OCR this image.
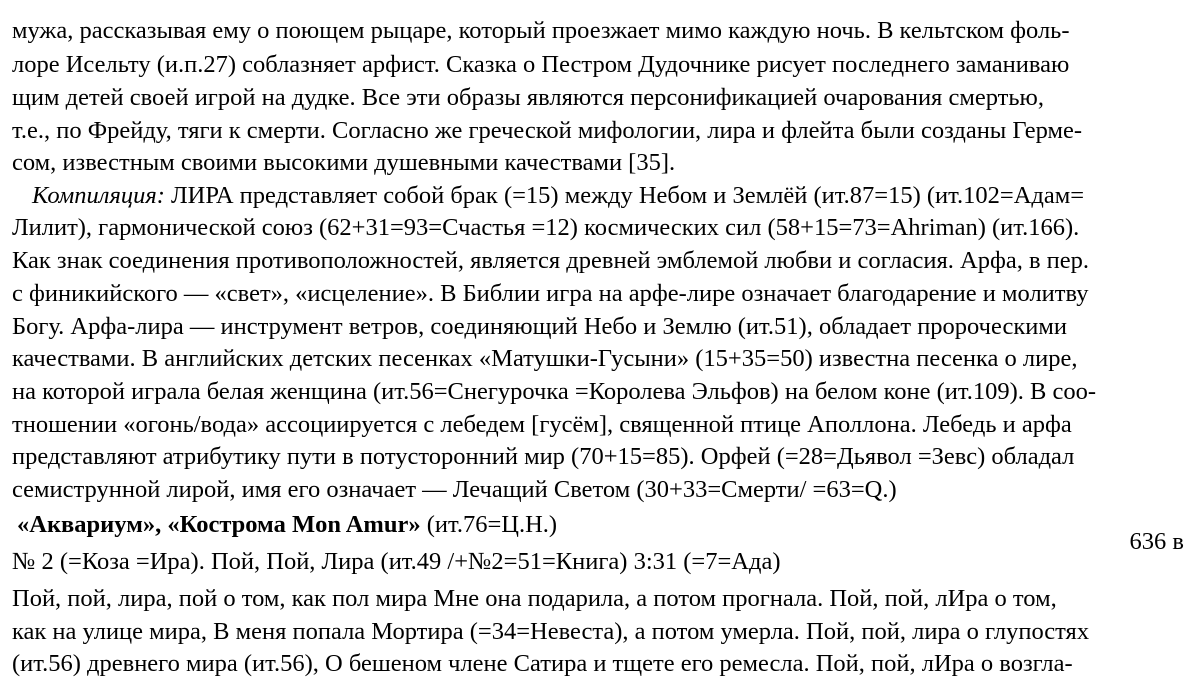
мужа, рассказывая ему о поющем рыцаре, который проезжает мимо каждую ночь. В кельтском фоль-
лоре Исельту (и.п.27) соблазняет арфист. Сказка о Пестром Дудочнике рисует последнего заманиваю
щим детей своей игрой на дудке. Все эти образы являются персонификацией очарования смертью,
т.е., по Фрейду, тяги к смерти. Согласно же греческой мифологии, лира и флейта были созданы Герме-
сом, известным своими высокими душевными качествами [35].
Компиляция: ЛИРА представляет собой брак (=15) между Небом и Землёй (ит.87=15) (ит.102=Адам=
Лилит), гармонической союз (62+31=93=Счастья =12) космических сил (58+15=73=Ahriman) (ит.166).
Как знак соединения противоположностей, является древней эмблемой любви и согласия. Арфа, в пер.
с финикийского — «свет», «исцеление». В Библии игра на арфе-лире означает благодарение и молитву
Богу. Арфа-лира — инструмент ветров, соединяющий Небо и Землю (ит.51), обладает пророческими
качествами. В английских детских песенках «Матушки-Гусыни» (15+35=50) известна песенка о лире,
на которой играла белая женщина (ит.56=Снегурочка =Королева Эльфов) на белом коне (ит.109). В соо-
тношении «огонь/вода» ассоциируется с лебедем [гусём], священной птице Аполлона. Лебедь и арфа
представляют атрибутику пути в потусторонний мир (70+15=85). Орфей (=28=Дьявол =Зевс) обладал
семиструнной лирой, имя его означает — Лечащий Светом (30+33=Смерти/ =63=Q.)
«Аквариум», «Кострома Mon Amur» (ит.76=Ц.Н.)
636 в
№ 2 (=Коза =Ира). Пой, Пой, Лира (ит.49 /+№2=51=Книга) 3:31 (=7=Ада)
Пой, пой, лира, пой о том, как пол мира Мне она подарила, а потом прогнала. Пой, пой, лИра о том,
как на улице мира, В меня попала Мортира (=34=Невеста), а потом умерла. Пой, пой, лира о глупостях
(ит.56) древнего мира (ит.56), О бешеном члене Сатира и тщете его ремесла. Пой, пой, лИра о возгла-
